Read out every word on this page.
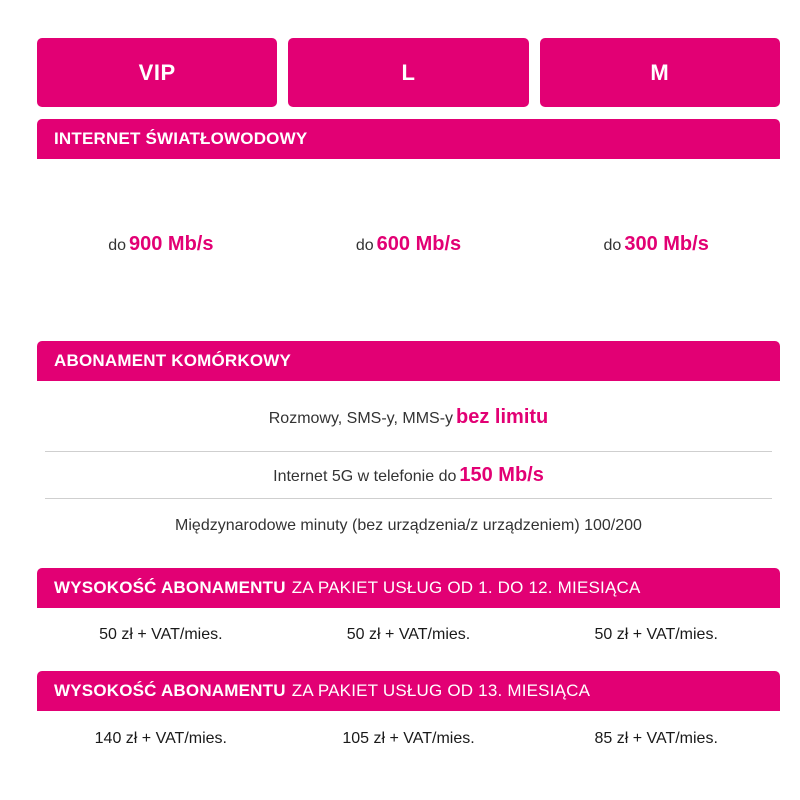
VIP	L	M
INTERNET ŚWIATŁOWODOWY
do 900 Mb/s	do 600 Mb/s	do 300 Mb/s
ABONAMENT KOMÓRKOWY
Rozmowy, SMS-y, MMS-y bez limitu
Internet 5G w telefonie do 150 Mb/s
Międzynarodowe minuty (bez urządzenia/z urządzeniem) 100/200
WYSOKOŚĆ ABONAMENTU ZA PAKIET USŁUG OD 1. DO 12. MIESIĄCA
50 zł + VAT/mies.	50 zł + VAT/mies.	50 zł + VAT/mies.
WYSOKOŚĆ ABONAMENTU ZA PAKIET USŁUG OD 13. MIESIĄCA
140 zł + VAT/mies.	105 zł + VAT/mies.	85 zł + VAT/mies.
